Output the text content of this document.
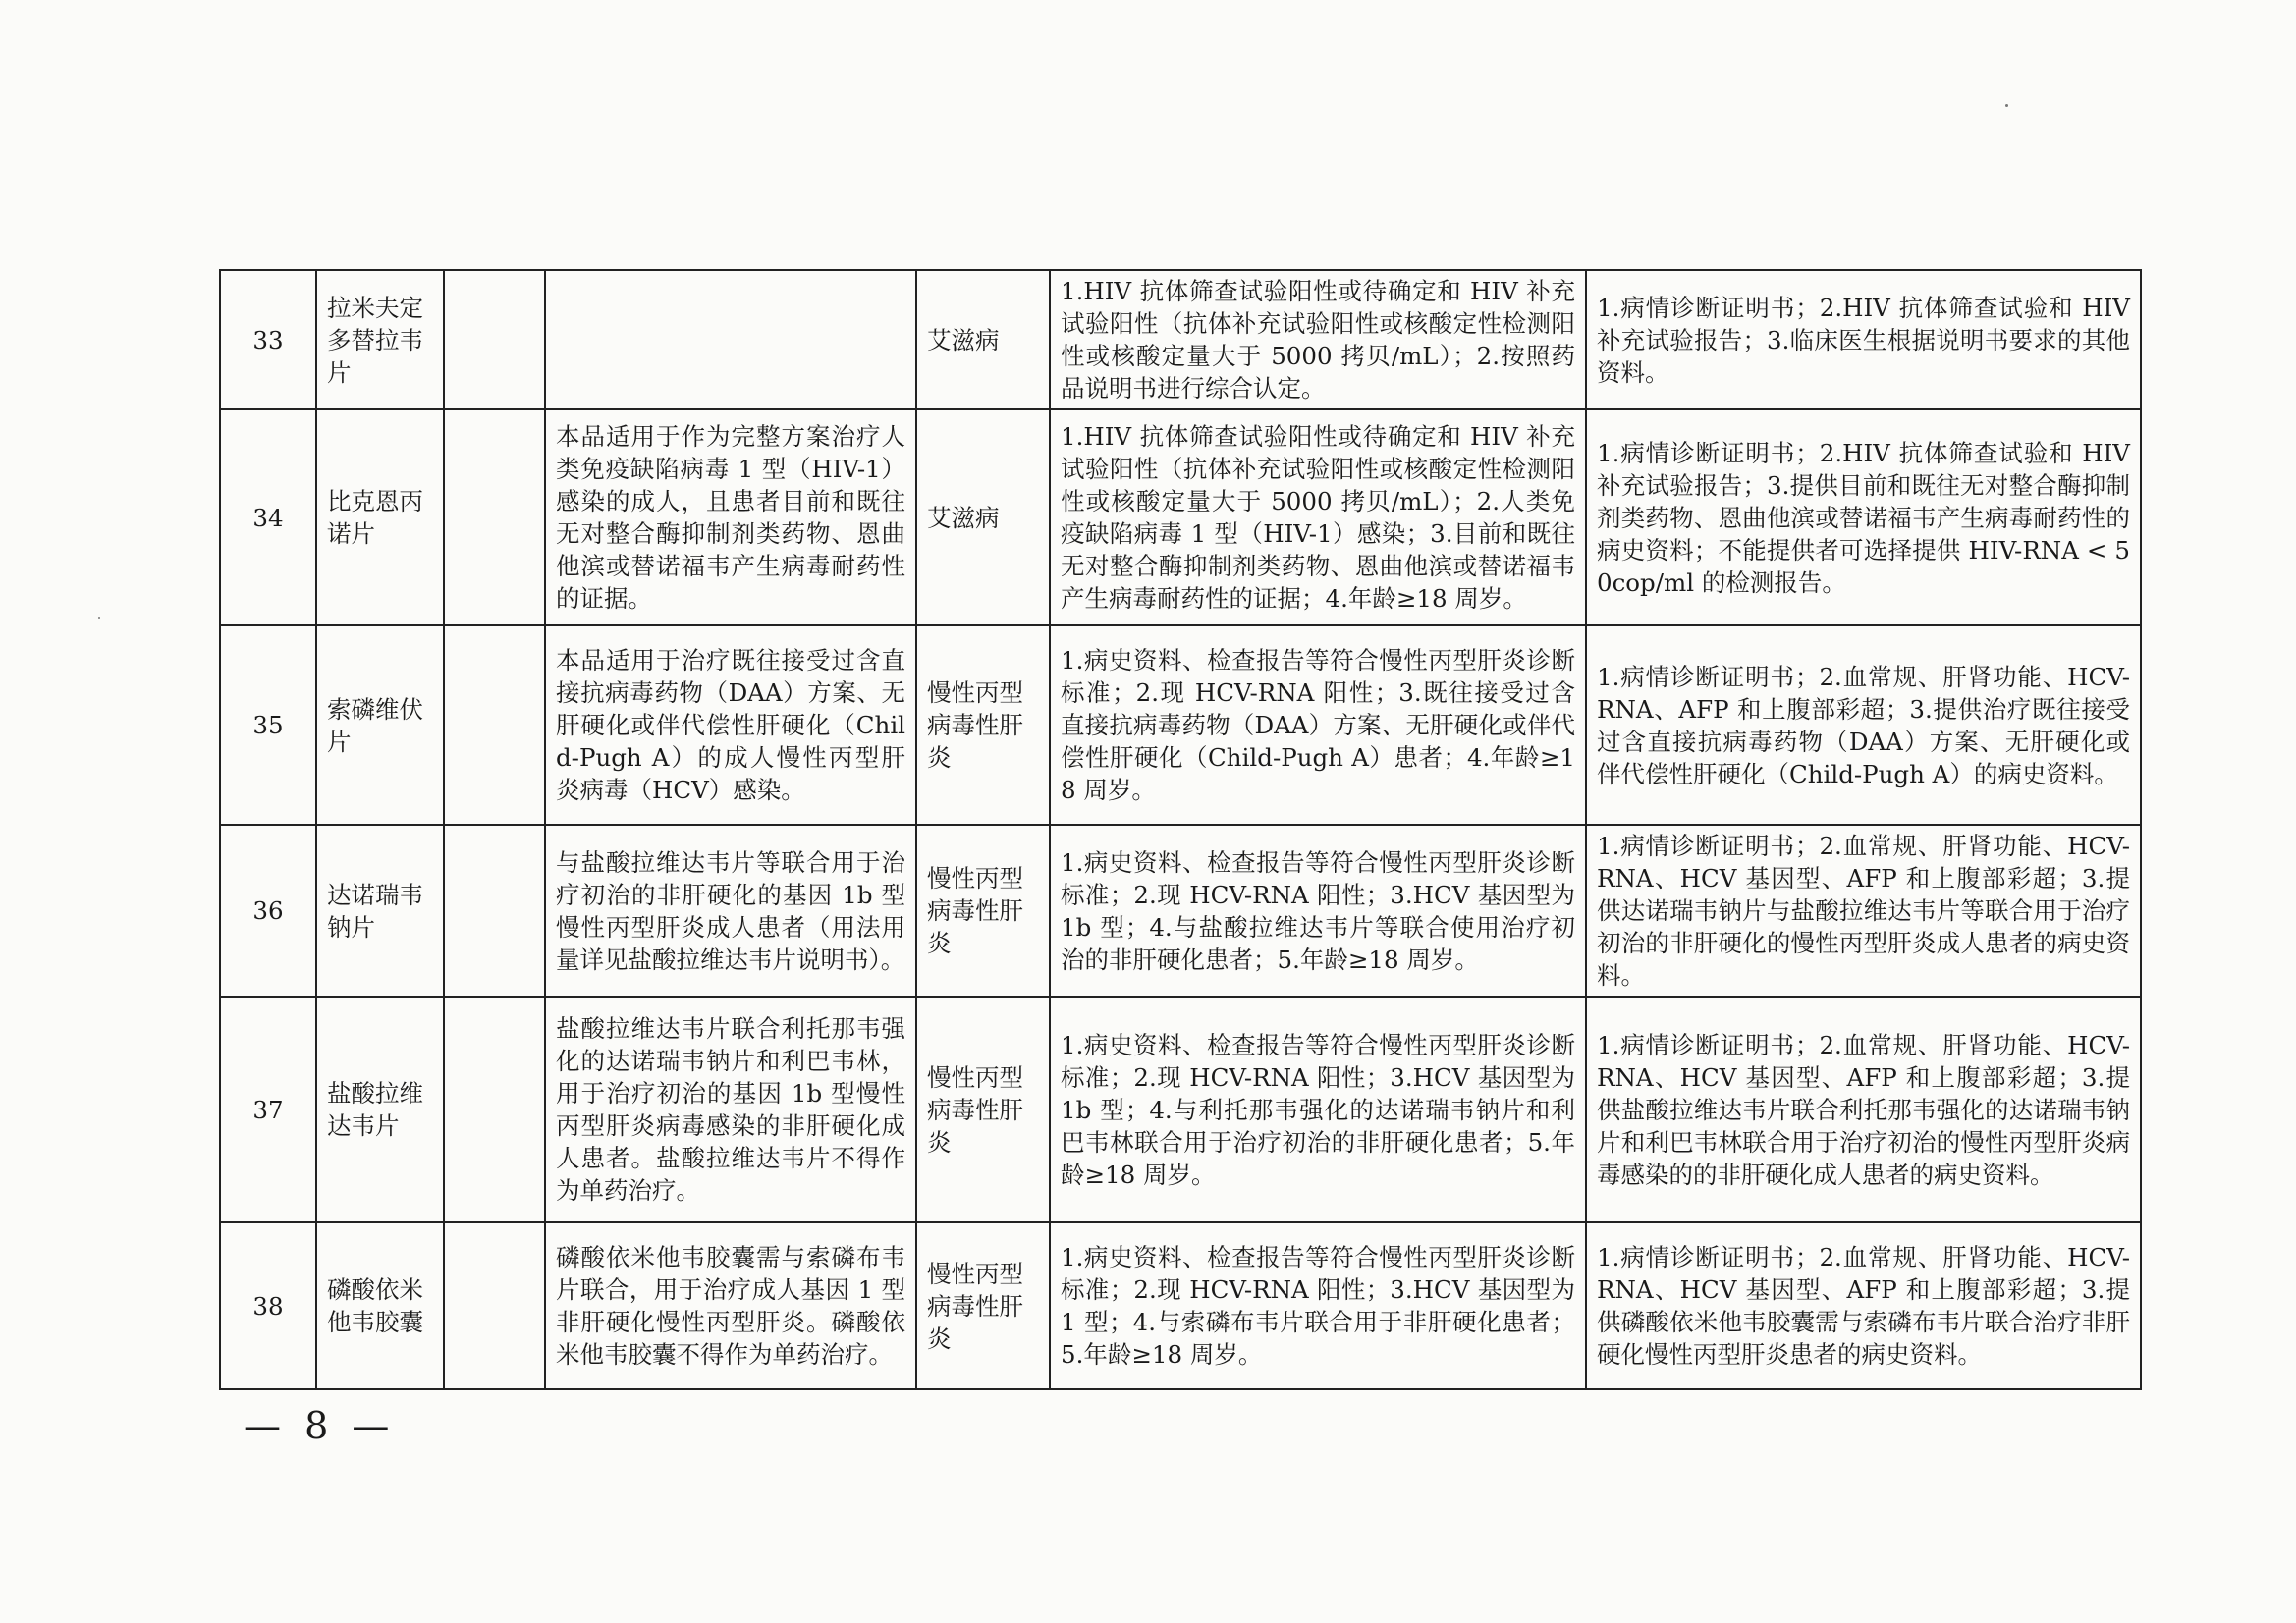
33	拉米夫定多替拉韦片			艾滋病	1.HIV 抗体筛查试验阳性或待确定和 HIV 补充试验阳性（抗体补充试验阳性或核酸定性检测阳性或核酸定量大于 5000 拷贝/mL）；2.按照药品说明书进行综合认定。	1.病情诊断证明书；2.HIV 抗体筛查试验和 HIV 补充试验报告；3.临床医生根据说明书要求的其他资料。
34	比克恩丙诺片		本品适用于作为完整方案治疗人类免疫缺陷病毒 1 型（HIV-1）感染的成人，且患者目前和既往无对整合酶抑制剂类药物、恩曲他滨或替诺福韦产生病毒耐药性的证据。	艾滋病	1.HIV 抗体筛查试验阳性或待确定和 HIV 补充试验阳性（抗体补充试验阳性或核酸定性检测阳性或核酸定量大于 5000 拷贝/mL）；2.人类免疫缺陷病毒 1 型（HIV-1）感染；3.目前和既往无对整合酶抑制剂类药物、恩曲他滨或替诺福韦产生病毒耐药性的证据；4.年龄≥18 周岁。	1.病情诊断证明书；2.HIV 抗体筛查试验和 HIV 补充试验报告；3.提供目前和既往无对整合酶抑制剂类药物、恩曲他滨或替诺福韦产生病毒耐药性的病史资料；不能提供者可选择提供 HIV-RNA < 50cop/ml 的检测报告。
35	索磷维伏片		本品适用于治疗既往接受过含直接抗病毒药物（DAA）方案、无肝硬化或伴代偿性肝硬化（Child-Pugh A）的成人慢性丙型肝炎病毒（HCV）感染。	慢性丙型病毒性肝炎	1.病史资料、检查报告等符合慢性丙型肝炎诊断标准；2.现 HCV-RNA 阳性；3.既往接受过含直接抗病毒药物（DAA）方案、无肝硬化或伴代偿性肝硬化（Child-Pugh A）患者；4.年龄≥18 周岁。	1.病情诊断证明书；2.血常规、肝肾功能、HCV-RNA、AFP 和上腹部彩超；3.提供治疗既往接受过含直接抗病毒药物（DAA）方案、无肝硬化或伴代偿性肝硬化（Child-Pugh A）的病史资料。
36	达诺瑞韦钠片		与盐酸拉维达韦片等联合用于治疗初治的非肝硬化的基因 1b 型慢性丙型肝炎成人患者（用法用量详见盐酸拉维达韦片说明书）。	慢性丙型病毒性肝炎	1.病史资料、检查报告等符合慢性丙型肝炎诊断标准；2.现 HCV-RNA 阳性；3.HCV 基因型为 1b 型；4.与盐酸拉维达韦片等联合使用治疗初治的非肝硬化患者；5.年龄≥18 周岁。	1.病情诊断证明书；2.血常规、肝肾功能、HCV-RNA、HCV 基因型、AFP 和上腹部彩超；3.提供达诺瑞韦钠片与盐酸拉维达韦片等联合用于治疗初治的非肝硬化的慢性丙型肝炎成人患者的病史资料。
37	盐酸拉维达韦片		盐酸拉维达韦片联合利托那韦强化的达诺瑞韦钠片和利巴韦林，用于治疗初治的基因 1b 型慢性丙型肝炎病毒感染的非肝硬化成人患者。盐酸拉维达韦片不得作为单药治疗。	慢性丙型病毒性肝炎	1.病史资料、检查报告等符合慢性丙型肝炎诊断标准；2.现 HCV-RNA 阳性；3.HCV 基因型为 1b 型；4.与利托那韦强化的达诺瑞韦钠片和利巴韦林联合用于治疗初治的非肝硬化患者；5.年龄≥18 周岁。	1.病情诊断证明书；2.血常规、肝肾功能、HCV-RNA、HCV 基因型、AFP 和上腹部彩超；3.提供盐酸拉维达韦片联合利托那韦强化的达诺瑞韦钠片和利巴韦林联合用于治疗初治的慢性丙型肝炎病毒感染的的非肝硬化成人患者的病史资料。
38	磷酸依米他韦胶囊		磷酸依米他韦胶囊需与索磷布韦片联合，用于治疗成人基因 1 型非肝硬化慢性丙型肝炎。磷酸依米他韦胶囊不得作为单药治疗。	慢性丙型病毒性肝炎	1.病史资料、检查报告等符合慢性丙型肝炎诊断标准；2.现 HCV-RNA 阳性；3.HCV 基因型为 1 型；4.与索磷布韦片联合用于非肝硬化患者；5.年龄≥18 周岁。	1.病情诊断证明书；2.血常规、肝肾功能、HCV-RNA、HCV 基因型、AFP 和上腹部彩超；3.提供磷酸依米他韦胶囊需与索磷布韦片联合治疗非肝硬化慢性丙型肝炎患者的病史资料。
— 8 —
